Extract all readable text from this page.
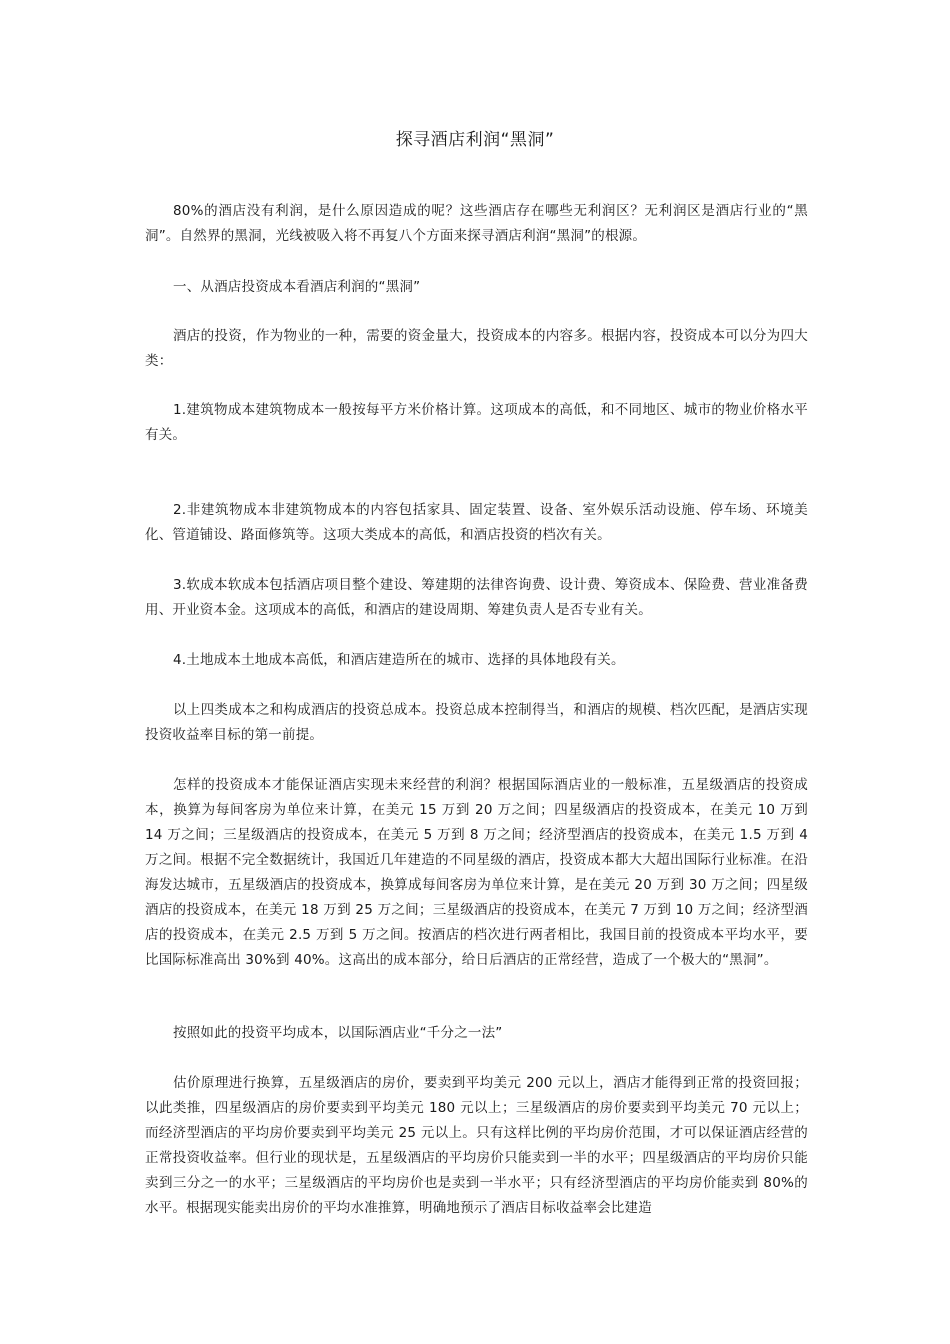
探寻酒店利润“黑洞”

80%的酒店没有利润，是什么原因造成的呢？这些酒店存在哪些无利润区？无利润区是酒店行业的“黑洞”。自然界的黑洞，光线被吸入将不再复八个方面来探寻酒店利润“黑洞”的根源。

一、从酒店投资成本看酒店利润的“黑洞”

酒店的投资，作为物业的一种，需要的资金量大，投资成本的内容多。根据内容，投资成本可以分为四大类：

1.建筑物成本建筑物成本一般按每平方米价格计算。这项成本的高低，和不同地区、城市的物业价格水平有关。

2.非建筑物成本非建筑物成本的内容包括家具、固定装置、设备、室外娱乐活动设施、停车场、环境美化、管道铺设、路面修筑等。这项大类成本的高低，和酒店投资的档次有关。

3.软成本软成本包括酒店项目整个建设、筹建期的法律咨询费、设计费、筹资成本、保险费、营业准备费用、开业资本金。这项成本的高低，和酒店的建设周期、筹建负责人是否专业有关。

4.土地成本土地成本高低，和酒店建造所在的城市、选择的具体地段有关。

以上四类成本之和构成酒店的投资总成本。投资总成本控制得当，和酒店的规模、档次匹配，是酒店实现投资收益率目标的第一前提。

怎样的投资成本才能保证酒店实现未来经营的利润？根据国际酒店业的一般标准，五星级酒店的投资成本，换算为每间客房为单位来计算，在美元 15 万到 20 万之间；四星级酒店的投资成本，在美元 10 万到 14 万之间；三星级酒店的投资成本，在美元 5 万到 8 万之间；经济型酒店的投资成本，在美元 1.5 万到 4 万之间。根据不完全数据统计，我国近几年建造的不同星级的酒店，投资成本都大大超出国际行业标准。在沿海发达城市，五星级酒店的投资成本，换算成每间客房为单位来计算，是在美元 20 万到 30 万之间；四星级酒店的投资成本，在美元 18 万到 25 万之间；三星级酒店的投资成本，在美元 7 万到 10 万之间；经济型酒店的投资成本，在美元 2.5 万到 5 万之间。按酒店的档次进行两者相比，我国目前的投资成本平均水平，要比国际标准高出 30%到 40%。这高出的成本部分，给日后酒店的正常经营，造成了一个极大的“黑洞”。

按照如此的投资平均成本，以国际酒店业“千分之一法”

估价原理进行换算，五星级酒店的房价，要卖到平均美元 200 元以上，酒店才能得到正常的投资回报；以此类推，四星级酒店的房价要卖到平均美元 180 元以上；三星级酒店的房价要卖到平均美元 70 元以上；而经济型酒店的平均房价要卖到平均美元 25 元以上。只有这样比例的平均房价范围，才可以保证酒店经营的正常投资收益率。但行业的现状是，五星级酒店的平均房价只能卖到一半的水平；四星级酒店的平均房价只能卖到三分之一的水平；三星级酒店的平均房价也是卖到一半水平；只有经济型酒店的平均房价能卖到 80%的水平。根据现实能卖出房价的平均水准推算，明确地预示了酒店目标收益率会比建造
